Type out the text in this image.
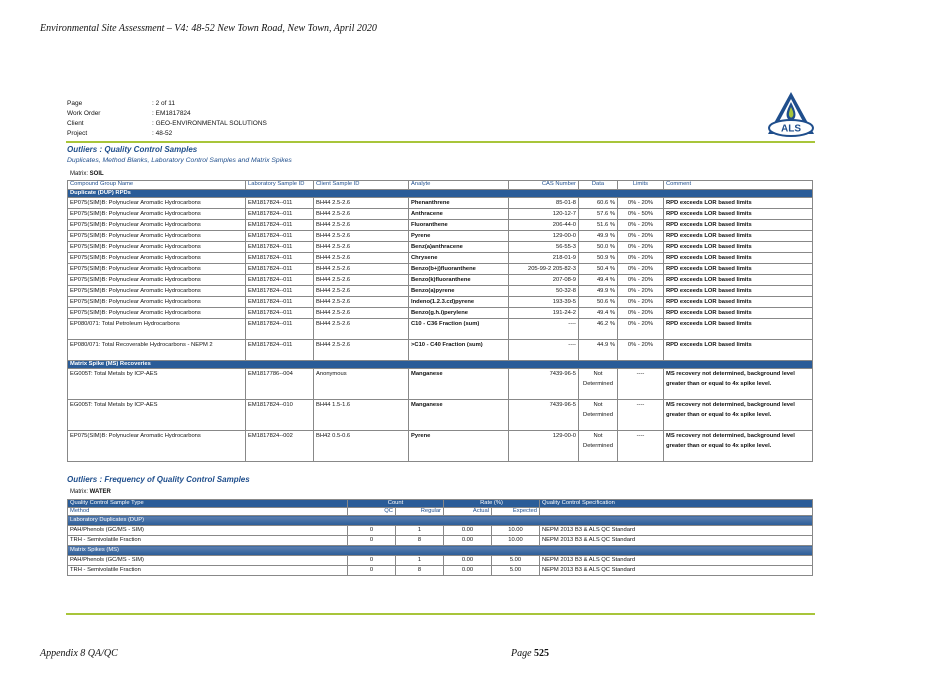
Environmental Site Assessment – V4: 48-52 New Town Road, New Town, April 2020
Page	: 2 of 11
Work Order	: EM1817824
Client	: GEO-ENVIRONMENTAL SOLUTIONS
Project	: 48-52	ALS
Outliers : Quality Control Samples
Duplicates, Method Blanks, Laboratory Control Samples and Matrix Spikes
Matrix: SOIL
Compound Group Name	Laboratory Sample ID	Client Sample ID	Analyte	CAS Number	Data	Limits	Comment
Duplicate (DUP) RPDs							
EP075(SIM)B: Polynuclear Aromatic Hydrocarbons	EM1817824--011	BH44 2.5-2.6	Phenanthrene	85-01-8	60.6 %	0% - 20%	RPD exceeds LOR based limits
EP075(SIM)B: Polynuclear Aromatic Hydrocarbons	EM1817824--011	BH44 2.5-2.6	Anthracene	120-12-7	57.6 %	0% - 50%	RPD exceeds LOR based limits
EP075(SIM)B: Polynuclear Aromatic Hydrocarbons	EM1817824--011	BH44 2.5-2.6	Fluoranthene	206-44-0	51.6 %	0% - 20%	RPD exceeds LOR based limits
EP075(SIM)B: Polynuclear Aromatic Hydrocarbons	EM1817824--011	BH44 2.5-2.6	Pyrene	129-00-0	49.9 %	0% - 20%	RPD exceeds LOR based limits
EP075(SIM)B: Polynuclear Aromatic Hydrocarbons	EM1817824--011	BH44 2.5-2.6	Benz(a)anthracene	56-55-3	50.0 %	0% - 20%	RPD exceeds LOR based limits
EP075(SIM)B: Polynuclear Aromatic Hydrocarbons	EM1817824--011	BH44 2.5-2.6	Chrysene	218-01-9	50.9 %	0% - 20%	RPD exceeds LOR based limits
EP075(SIM)B: Polynuclear Aromatic Hydrocarbons	EM1817824--011	BH44 2.5-2.6	Benzo(b+j)fluoranthene	205-99-2 205-82-3	50.4 %	0% - 20%	RPD exceeds LOR based limits
EP075(SIM)B: Polynuclear Aromatic Hydrocarbons	EM1817824--011	BH44 2.5-2.6	Benzo(k)fluoranthene	207-08-9	49.4 %	0% - 20%	RPD exceeds LOR based limits
EP075(SIM)B: Polynuclear Aromatic Hydrocarbons	EM1817824--011	BH44 2.5-2.6	Benzo(a)pyrene	50-32-8	49.9 %	0% - 20%	RPD exceeds LOR based limits
EP075(SIM)B: Polynuclear Aromatic Hydrocarbons	EM1817824--011	BH44 2.5-2.6	Indeno(1.2.3.cd)pyrene	193-39-5	50.6 %	0% - 20%	RPD exceeds LOR based limits
EP075(SIM)B: Polynuclear Aromatic Hydrocarbons	EM1817824--011	BH44 2.5-2.6	Benzo(g.h.i)perylene	191-24-2	49.4 %	0% - 20%	RPD exceeds LOR based limits
EP080/071: Total Petroleum Hydrocarbons	EM1817824--011	BH44 2.5-2.6	C10 - C36 Fraction (sum)	----	46.2 %	0% - 20%	RPD exceeds LOR based limits
EP080/071: Total Recoverable Hydrocarbons - NEPM 2	EM1817824--011	BH44 2.5-2.6	>C10 - C40 Fraction (sum)	----	44.9 %	0% - 20%	RPD exceeds LOR based limits
Matrix Spike (MS) Recoveries							
EG005T: Total Metals by ICP-AES	EM1817786--004	Anonymous	Manganese	7439-96-5	Not Determined	----	MS recovery not determined, background level greater than or equal to 4x spike level.
EG005T: Total Metals by ICP-AES	EM1817824--010	BH44 1.5-1.6	Manganese	7439-96-5	Not Determined	----	MS recovery not determined, background level greater than or equal to 4x spike level.
EP075(SIM)B: Polynuclear Aromatic Hydrocarbons	EM1817824--002	BH42 0.5-0.6	Pyrene	129-00-0	Not Determined	----	MS recovery not determined, background level greater than or equal to 4x spike level.
Outliers : Frequency of Quality Control Samples
Matrix: WATER
Quality Control Sample Type	Count		Rate (%)		Quality Control Specification
Method	QC	Regular	Actual	Expected	
Laboratory Duplicates (DUP)					
PAH/Phenols (GC/MS - SIM)	0	1	0.00	10.00	NEPM 2013 B3 & ALS QC Standard
TRH - Semivolatile Fraction	0	8	0.00	10.00	NEPM 2013 B3 & ALS QC Standard
Matrix Spikes (MS)					
PAH/Phenols (GC/MS - SIM)	0	1	0.00	5.00	NEPM 2013 B3 & ALS QC Standard
TRH - Semivolatile Fraction	0	8	0.00	5.00	NEPM 2013 B3 & ALS QC Standard
Appendix 8 QA/QC	Page 525
